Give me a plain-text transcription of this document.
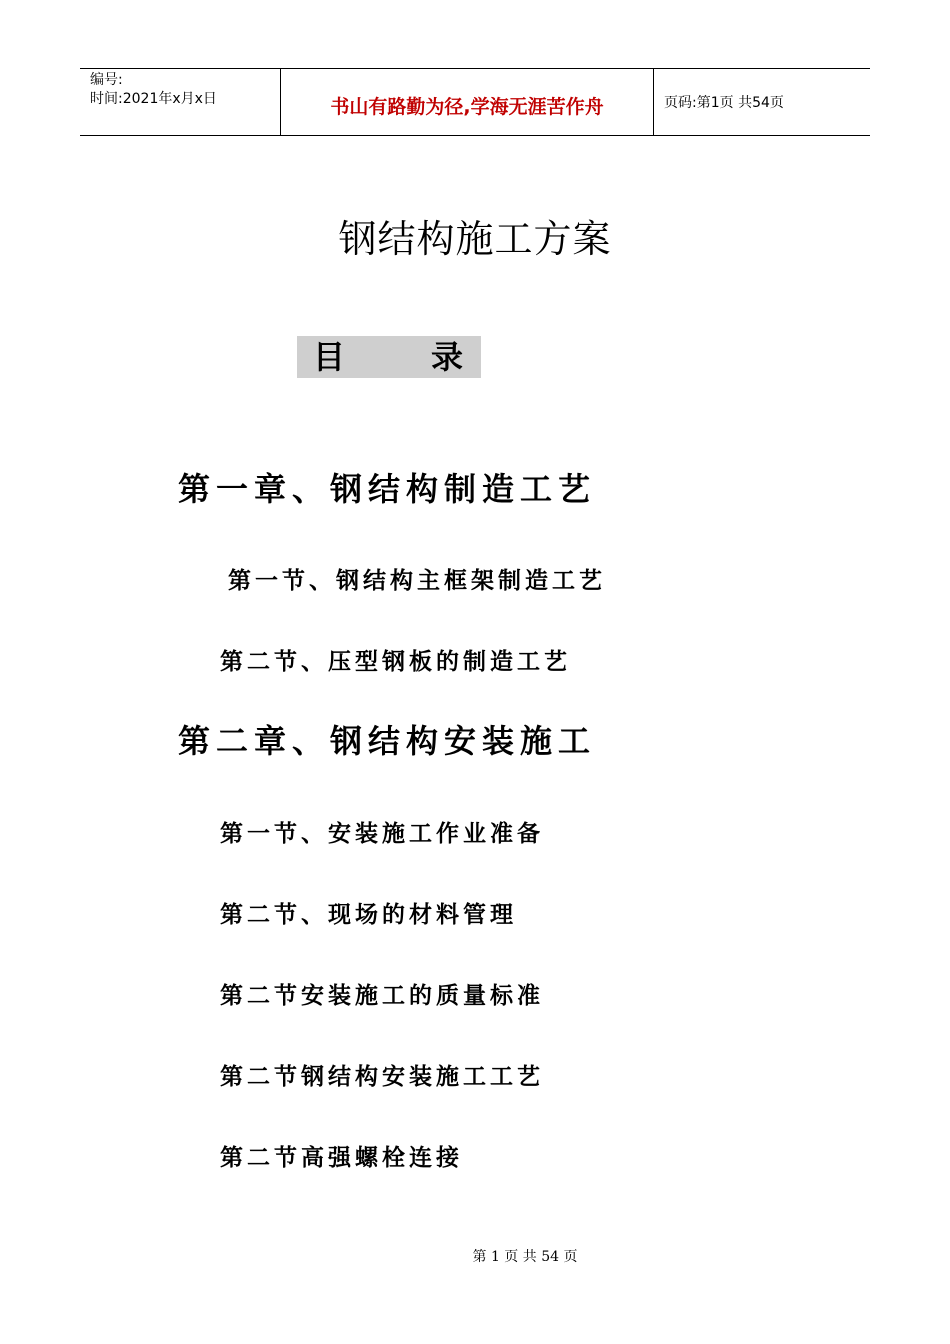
编号:
时间:2021年x月x日	书山有路勤为径,学海无涯苦作舟	页码:第1页 共54页
钢结构施工方案
目	录
第一章、钢结构制造工艺
第一节、钢结构主框架制造工艺
第二节、压型钢板的制造工艺
第二章、钢结构安装施工
第一节、安装施工作业准备
第二节、现场的材料管理
第二节安装施工的质量标准
第二节钢结构安装施工工艺
第二节高强螺栓连接
第 1 页 共 54 页
